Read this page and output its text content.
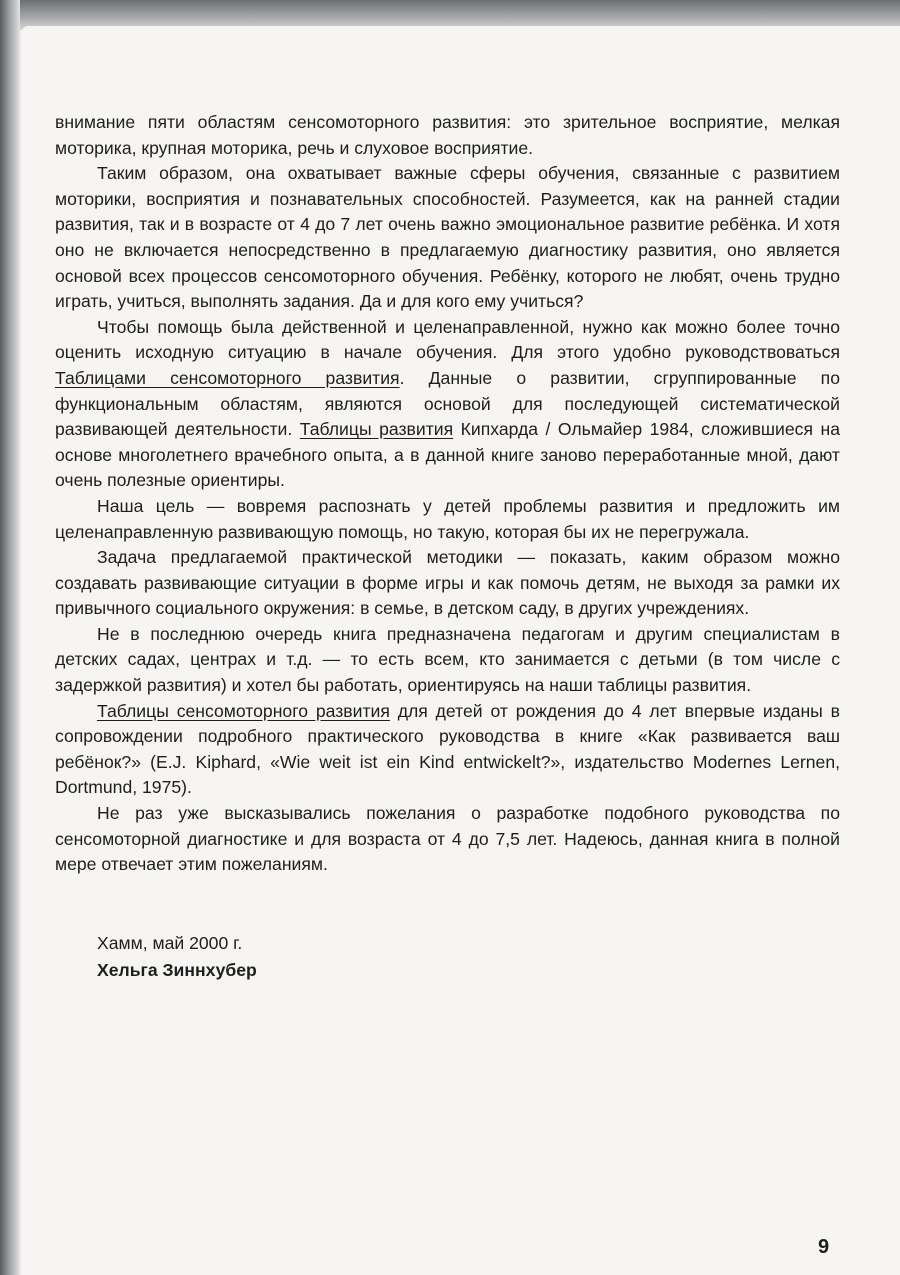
внимание пяти областям сенсомоторного развития: это зрительное восприятие, мелкая моторика, крупная моторика, речь и слуховое восприятие.

Таким образом, она охватывает важные сферы обучения, связанные с развитием моторики, восприятия и познавательных способностей. Разумеется, как на ранней стадии развития, так и в возрасте от 4 до 7 лет очень важно эмоциональное развитие ребёнка. И хотя оно не включается непосредственно в предлагаемую диагностику развития, оно является основой всех процессов сенсомоторного обучения. Ребёнку, которого не любят, очень трудно играть, учиться, выполнять задания. Да и для кого ему учиться?

Чтобы помощь была действенной и целенаправленной, нужно как можно более точно оценить исходную ситуацию в начале обучения. Для этого удобно руководствоваться Таблицами сенсомоторного развития. Данные о развитии, сгруппированные по функциональным областям, являются основой для последующей систематической развивающей деятельности. Таблицы развития Кипхарда / Ольмайер 1984, сложившиеся на основе многолетнего врачебного опыта, а в данной книге заново переработанные мной, дают очень полезные ориентиры.

Наша цель — вовремя распознать у детей проблемы развития и предложить им целенаправленную развивающую помощь, но такую, которая бы их не перегружала.

Задача предлагаемой практической методики — показать, каким образом можно создавать развивающие ситуации в форме игры и как помочь детям, не выходя за рамки их привычного социального окружения: в семье, в детском саду, в других учреждениях.

Не в последнюю очередь книга предназначена педагогам и другим специалистам в детских садах, центрах и т.д. — то есть всем, кто занимается с детьми (в том числе с задержкой развития) и хотел бы работать, ориентируясь на наши таблицы развития.

Таблицы сенсомоторного развития для детей от рождения до 4 лет впервые изданы в сопровождении подробного практического руководства в книге «Как развивается ваш ребёнок?» (E.J. Kiphard, «Wie weit ist ein Kind entwickelt?», издательство Modernes Lernen, Dortmund, 1975).

Не раз уже высказывались пожелания о разработке подобного руководства по сенсомоторной диагностике и для возраста от 4 до 7,5 лет. Надеюсь, данная книга в полной мере отвечает этим пожеланиям.

Хамм, май 2000 г.
Хельга Зиннхубер
9
